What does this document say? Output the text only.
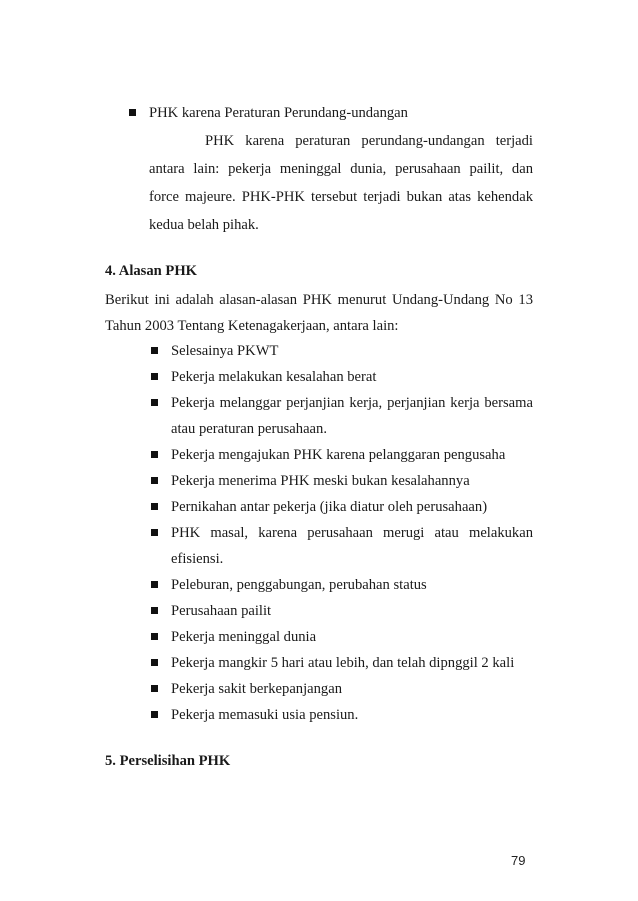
PHK karena Peraturan Perundang-undangan
PHK karena peraturan perundang-undangan terjadi
antara lain: pekerja meninggal dunia, perusahaan pailit, dan
force majeure. PHK-PHK tersebut terjadi bukan atas kehendak
kedua belah pihak.
4. Alasan PHK
Berikut ini adalah alasan-alasan PHK menurut Undang-Undang No 13
Tahun 2003 Tentang Ketenagakerjaan, antara lain:
Selesainya PKWT
Pekerja melakukan kesalahan berat
Pekerja melanggar perjanjian kerja, perjanjian kerja bersama
atau peraturan perusahaan.
Pekerja mengajukan PHK karena pelanggaran pengusaha
Pekerja menerima PHK meski bukan kesalahannya
Pernikahan antar pekerja (jika diatur oleh perusahaan)
PHK masal, karena perusahaan merugi atau melakukan
efisiensi.
Peleburan, penggabungan, perubahan status
Perusahaan pailit
Pekerja meninggal dunia
Pekerja mangkir 5 hari atau lebih, dan telah dipnggil 2 kali
Pekerja sakit berkepanjangan
Pekerja memasuki usia pensiun.
5. Perselisihan PHK
79
